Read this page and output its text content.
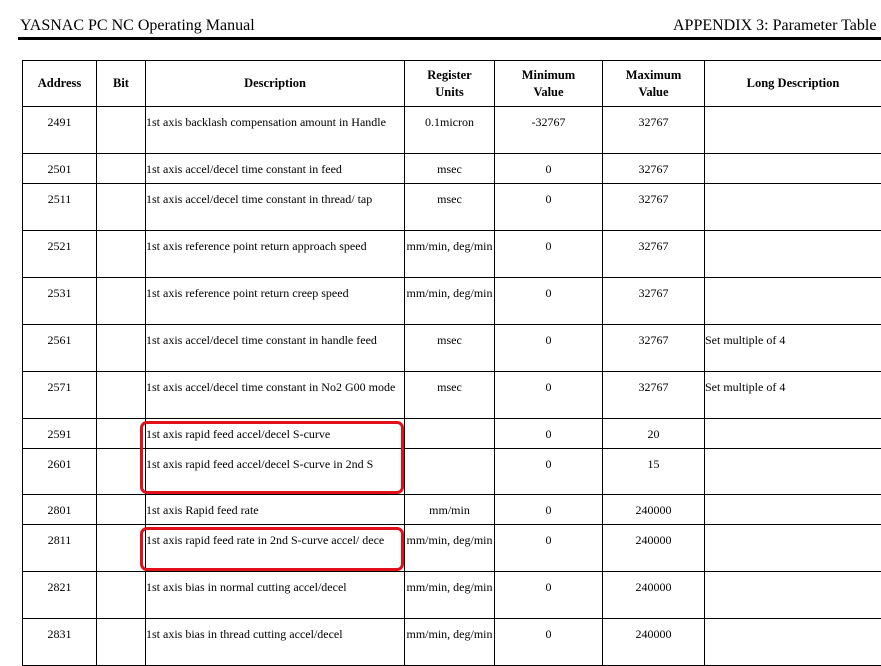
YASNAC PC NC Operating Manual	APPENDIX 3: Parameter Table
Address	Bit	Description	Register Units	Minimum Value	Maximum Value	Long Description
2491		1st axis backlash compensation amount in Handle	0.1micron	-32767	32767	
2501		1st axis accel/decel time constant in feed	msec	0	32767	
2511		1st axis accel/decel time constant in thread/ tap	msec	0	32767	
2521		1st axis reference point return approach speed	mm/min, deg/min	0	32767	
2531		1st axis reference point return creep speed	mm/min, deg/min	0	32767	
2561		1st axis accel/decel time constant in handle feed	msec	0	32767	Set multiple of 4
2571		1st axis accel/decel time constant in No2 G00 mode	msec	0	32767	Set multiple of 4
2591		1st axis rapid feed accel/decel S-curve		0	20	
2601		1st axis rapid feed accel/decel S-curve in 2nd S		0	15	
2801		1st axis Rapid feed rate	mm/min	0	240000	
2811		1st axis rapid feed rate in 2nd S-curve accel/ dece	mm/min, deg/min	0	240000	
2821		1st axis bias in normal cutting accel/decel	mm/min, deg/min	0	240000	
2831		1st axis bias in thread cutting accel/decel	mm/min, deg/min	0	240000	
